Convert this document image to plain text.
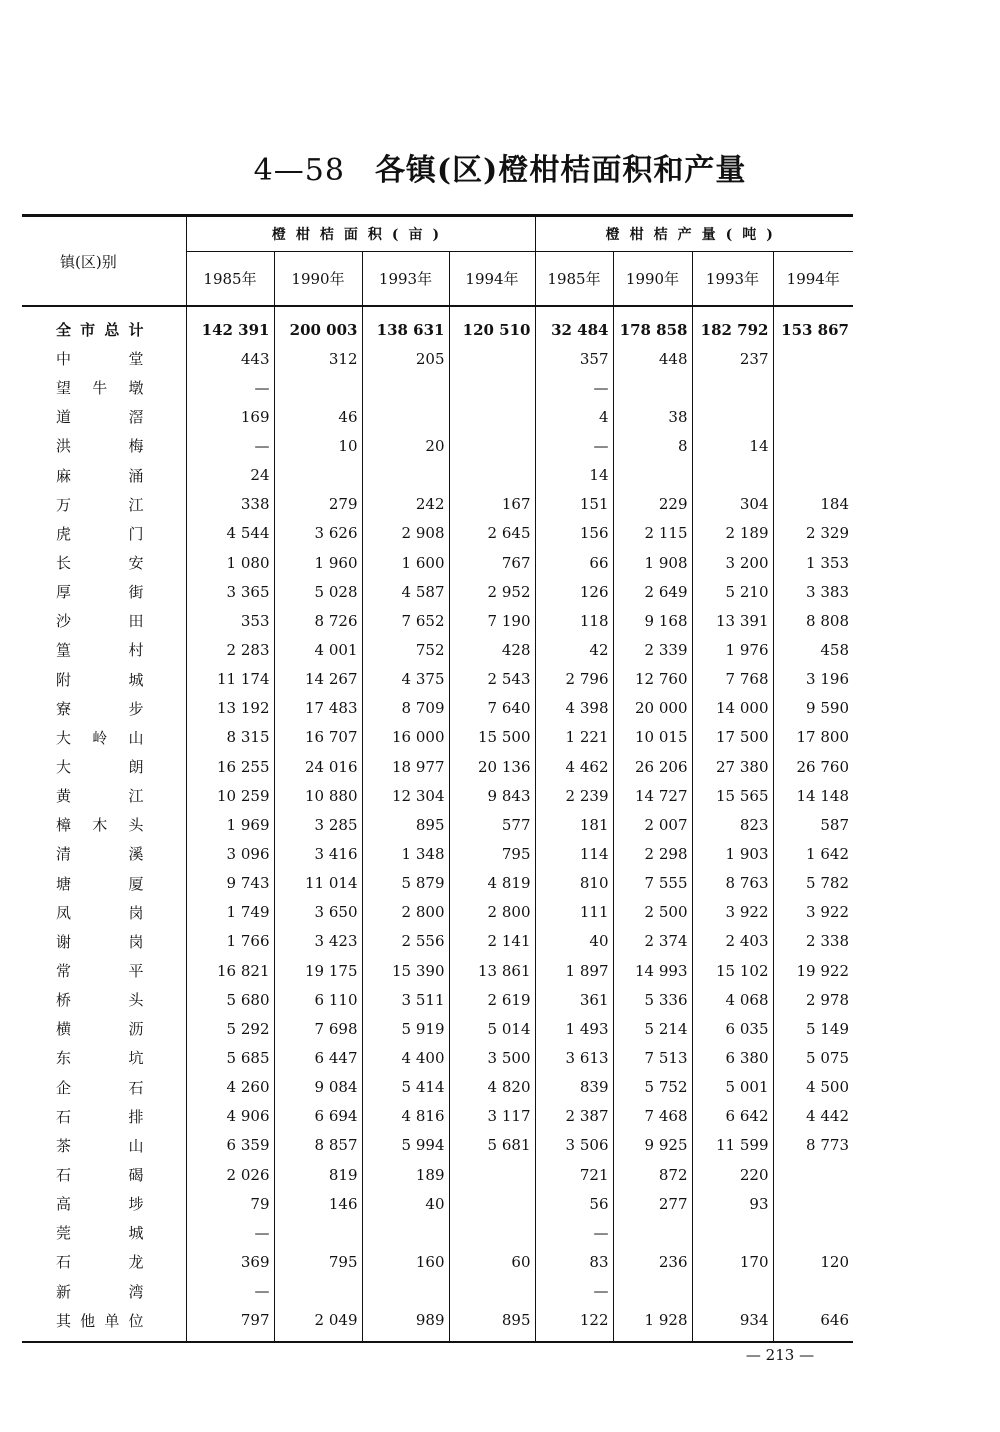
4—58 各镇(区)橙柑桔面积和产量
镇(区)别	橙柑桔面积(亩)				橙柑桔产量(吨)			
	1985年	1990年	1993年	1994年	1985年	1990年	1993年	1994年
全市总计	142 391	200 003	138 631	120 510	32 484	178 858	182 792	153 867
中堂	443	312	205		357	448	237	
望牛墩	—				—			
道滘	169	46			4	38		
洪梅	—	10	20		—	8	14	
麻涌	24				14			
万江	338	279	242	167	151	229	304	184
虎门	4 544	3 626	2 908	2 645	156	2 115	2 189	2 329
长安	1 080	1 960	1 600	767	66	1 908	3 200	1 353
厚街	3 365	5 028	4 587	2 952	126	2 649	5 210	3 383
沙田	353	8 726	7 652	7 190	118	9 168	13 391	8 808
篁村	2 283	4 001	752	428	42	2 339	1 976	458
附城	11 174	14 267	4 375	2 543	2 796	12 760	7 768	3 196
寮步	13 192	17 483	8 709	7 640	4 398	20 000	14 000	9 590
大岭山	8 315	16 707	16 000	15 500	1 221	10 015	17 500	17 800
大朗	16 255	24 016	18 977	20 136	4 462	26 206	27 380	26 760
黄江	10 259	10 880	12 304	9 843	2 239	14 727	15 565	14 148
樟木头	1 969	3 285	895	577	181	2 007	823	587
清溪	3 096	3 416	1 348	795	114	2 298	1 903	1 642
塘厦	9 743	11 014	5 879	4 819	810	7 555	8 763	5 782
凤岗	1 749	3 650	2 800	2 800	111	2 500	3 922	3 922
谢岗	1 766	3 423	2 556	2 141	40	2 374	2 403	2 338
常平	16 821	19 175	15 390	13 861	1 897	14 993	15 102	19 922
桥头	5 680	6 110	3 511	2 619	361	5 336	4 068	2 978
横沥	5 292	7 698	5 919	5 014	1 493	5 214	6 035	5 149
东坑	5 685	6 447	4 400	3 500	3 613	7 513	6 380	5 075
企石	4 260	9 084	5 414	4 820	839	5 752	5 001	4 500
石排	4 906	6 694	4 816	3 117	2 387	7 468	6 642	4 442
茶山	6 359	8 857	5 994	5 681	3 506	9 925	11 599	8 773
石碣	2 026	819	189		721	872	220	
高埗	79	146	40		56	277	93	
莞城	—				—			
石龙	369	795	160	60	83	236	170	120
新湾	—				—			
其他单位	797	2 049	989	895	122	1 928	934	646
— 213 —
